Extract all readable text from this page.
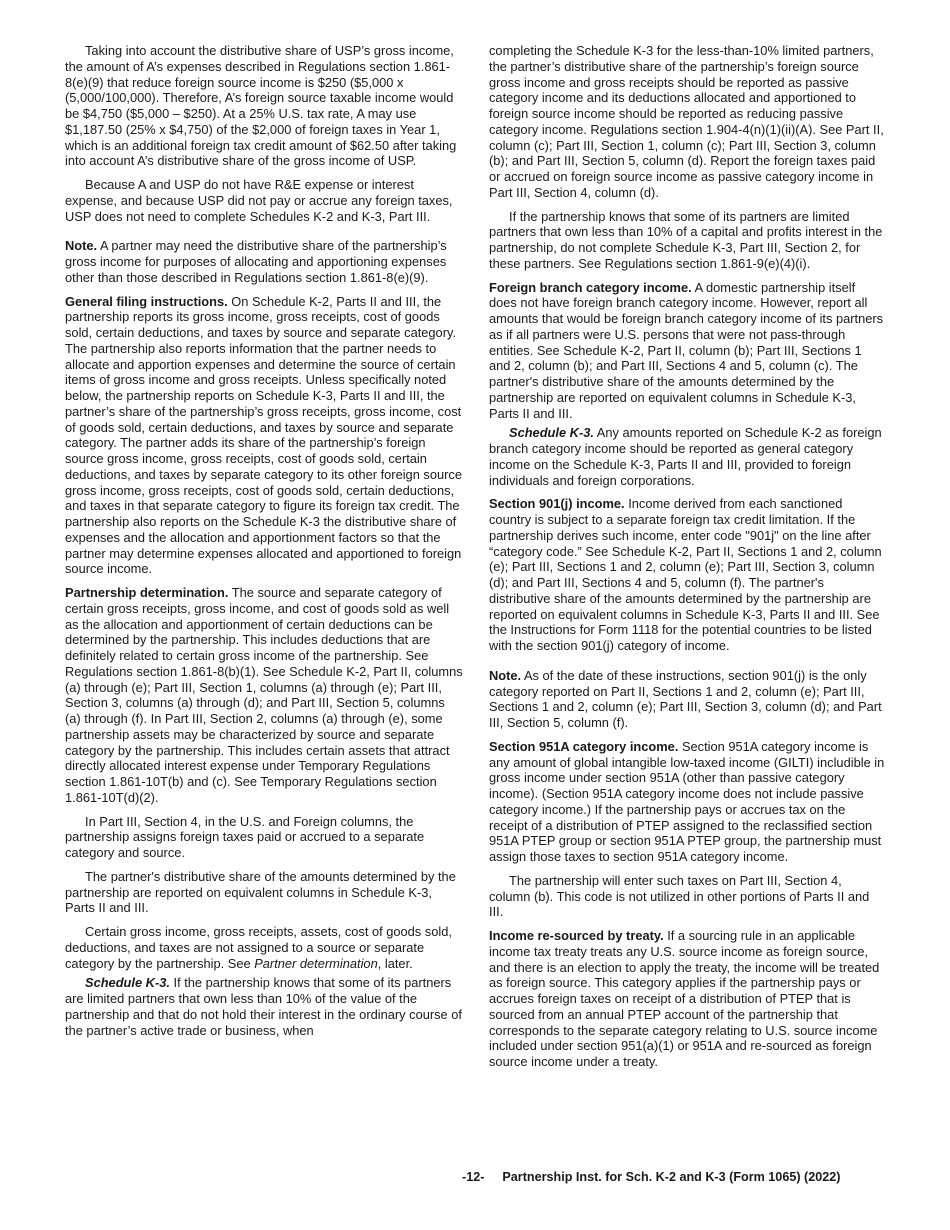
Taking into account the distributive share of USP’s gross income, the amount of A’s expenses described in Regulations section 1.861-8(e)(9) that reduce foreign source income is $250 ($5,000 x (5,000/100,000). Therefore, A’s foreign source taxable income would be $4,750 ($5,000 – $250). At a 25% U.S. tax rate, A may use $1,187.50 (25% x $4,750) of the $2,000 of foreign taxes in Year 1, which is an additional foreign tax credit amount of $62.50 after taking into account A’s distributive share of the gross income of USP.

Because A and USP do not have R&E expense or interest expense, and because USP did not pay or accrue any foreign taxes, USP does not need to complete Schedules K-2 and K-3, Part III.

Note. A partner may need the distributive share of the partnership’s gross income for purposes of allocating and apportioning expenses other than those described in Regulations section 1.861-8(e)(9).

General filing instructions. On Schedule K-2, Parts II and III, the partnership reports its gross income, gross receipts, cost of goods sold, certain deductions, and taxes by source and separate category. The partnership also reports information that the partner needs to allocate and apportion expenses and determine the source of certain items of gross income and gross receipts. Unless specifically noted below, the partnership reports on Schedule K-3, Parts II and III, the partner’s share of the partnership’s gross receipts, gross income, cost of goods sold, certain deductions, and taxes by source and separate category. The partner adds its share of the partnership’s foreign source gross income, gross receipts, cost of goods sold, certain deductions, and taxes by separate category to its other foreign source gross income, gross receipts, cost of goods sold, certain deductions, and taxes in that separate category to figure its foreign tax credit. The partnership also reports on the Schedule K-3 the distributive share of expenses and the allocation and apportionment factors so that the partner may determine expenses allocated and apportioned to foreign source income.

Partnership determination. The source and separate category of certain gross receipts, gross income, and cost of goods sold as well as the allocation and apportionment of certain deductions can be determined by the partnership. This includes deductions that are definitely related to certain gross income of the partnership. See Regulations section 1.861-8(b)(1). See Schedule K-2, Part II, columns (a) through (e); Part III, Section 1, columns (a) through (e); Part III, Section 3, columns (a) through (d); and Part III, Section 5, columns (a) through (f). In Part III, Section 2, columns (a) through (e), some partnership assets may be characterized by source and separate category by the partnership. This includes certain assets that attract directly allocated interest expense under Temporary Regulations section 1.861-10T(b) and (c). See Temporary Regulations section 1.861-10T(d)(2).

In Part III, Section 4, in the U.S. and Foreign columns, the partnership assigns foreign taxes paid or accrued to a separate category and source.

The partner's distributive share of the amounts determined by the partnership are reported on equivalent columns in Schedule K-3, Parts II and III.

Certain gross income, gross receipts, assets, cost of goods sold, deductions, and taxes are not assigned to a source or separate category by the partnership. See Partner determination, later.

Schedule K-3. If the partnership knows that some of its partners are limited partners that own less than 10% of the value of the partnership and that do not hold their interest in the ordinary course of the partner’s active trade or business, when

completing the Schedule K-3 for the less-than-10% limited partners, the partner’s distributive share of the partnership’s foreign source gross income and gross receipts should be reported as passive category income and its deductions allocated and apportioned to foreign source income should be reported as reducing passive category income. Regulations section 1.904-4(n)(1)(ii)(A). See Part II, column (c); Part III, Section 1, column (c); Part III, Section 3, column (b); and Part III, Section 5, column (d). Report the foreign taxes paid or accrued on foreign source income as passive category income in Part III, Section 4, column (d).

If the partnership knows that some of its partners are limited partners that own less than 10% of a capital and profits interest in the partnership, do not complete Schedule K-3, Part III, Section 2, for these partners. See Regulations section 1.861-9(e)(4)(i).

Foreign branch category income. A domestic partnership itself does not have foreign branch category income. However, report all amounts that would be foreign branch category income of its partners as if all partners were U.S. persons that were not pass-through entities. See Schedule K-2, Part II, column (b); Part III, Sections 1 and 2, column (b); and Part III, Sections 4 and 5, column (c). The partner's distributive share of the amounts determined by the partnership are reported on equivalent columns in Schedule K-3, Parts II and III.

Schedule K-3. Any amounts reported on Schedule K-2 as foreign branch category income should be reported as general category income on the Schedule K-3, Parts II and III, provided to foreign individuals and foreign corporations.

Section 901(j) income. Income derived from each sanctioned country is subject to a separate foreign tax credit limitation. If the partnership derives such income, enter code "901j" on the line after “category code.” See Schedule K-2, Part II, Sections 1 and 2, column (e); Part III, Sections 1 and 2, column (e); Part III, Section 3, column (d); and Part III, Sections 4 and 5, column (f). The partner's distributive share of the amounts determined by the partnership are reported on equivalent columns in Schedule K-3, Parts II and III. See the Instructions for Form 1118 for the potential countries to be listed with the section 901(j) category of income.

Note. As of the date of these instructions, section 901(j) is the only category reported on Part II, Sections 1 and 2, column (e); Part III, Sections 1 and 2, column (e); Part III, Section 3, column (d); and Part III, Section 5, column (f).

Section 951A category income. Section 951A category income is any amount of global intangible low-taxed income (GILTI) includible in gross income under section 951A (other than passive category income). (Section 951A category income does not include passive category income.) If the partnership pays or accrues tax on the receipt of a distribution of PTEP assigned to the reclassified section 951A PTEP group or section 951A PTEP group, the partnership must assign those taxes to section 951A category income.

The partnership will enter such taxes on Part III, Section 4, column (b). This code is not utilized in other portions of Parts II and III.

Income re-sourced by treaty. If a sourcing rule in an applicable income tax treaty treats any U.S. source income as foreign source, and there is an election to apply the treaty, the income will be treated as foreign source. This category applies if the partnership pays or accrues foreign taxes on receipt of a distribution of PTEP that is sourced from an annual PTEP account of the partnership that corresponds to the separate category relating to U.S. source income included under section 951(a)(1) or 951A and re-sourced as foreign source income under a treaty.

-12- Partnership Inst. for Sch. K-2 and K-3 (Form 1065) (2022)
